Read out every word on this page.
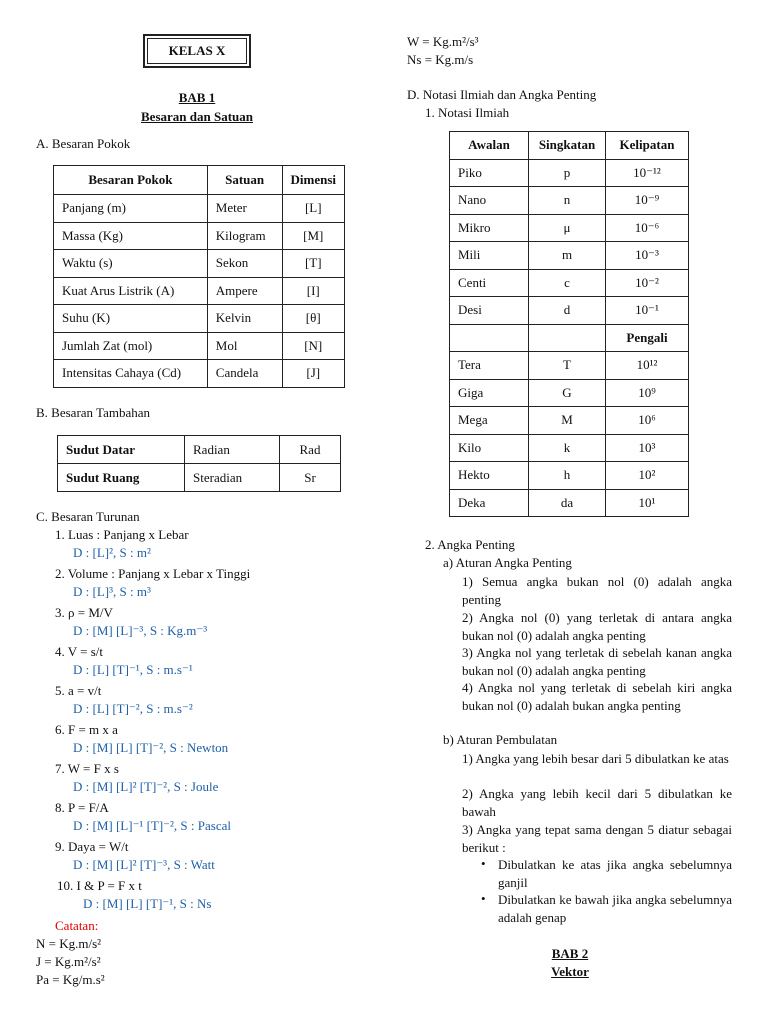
KELAS X
BAB 1
Besaran dan Satuan
A. Besaran Pokok
Besaran Pokok	Satuan	Dimensi
Panjang (m)	Meter	[L]
Massa (Kg)	Kilogram	[M]
Waktu (s)	Sekon	[T]
Kuat Arus Listrik (A)	Ampere	[I]
Suhu (K)	Kelvin	[θ]
Jumlah Zat (mol)	Mol	[N]
Intensitas Cahaya (Cd)	Candela	[J]
B. Besaran Tambahan
Sudut Datar	Radian	Rad
Sudut Ruang	Steradian	Sr
C. Besaran Turunan
1. Luas : Panjang x Lebar
D : [L]², S : m²
2. Volume : Panjang x Lebar x Tinggi
D : [L]³, S : m³
3. ρ = M/V
D : [M] [L]⁻³, S : Kg.m⁻³
4. V = s/t
D : [L] [T]⁻¹, S : m.s⁻¹
5. a = v/t
D : [L] [T]⁻², S : m.s⁻²
6. F = m x a
D : [M] [L] [T]⁻², S : Newton
7. W = F x s
D : [M] [L]² [T]⁻², S : Joule
8. P = F/A
D : [M] [L]⁻¹ [T]⁻², S : Pascal
9. Daya = W/t
D : [M] [L]² [T]⁻³, S : Watt
10. I & P = F x t
D : [M] [L] [T]⁻¹, S : Ns
Catatan:
N = Kg.m/s²
J = Kg.m²/s²
Pa = Kg/m.s²
W = Kg.m²/s³
Ns = Kg.m/s
D. Notasi Ilmiah dan Angka Penting
1. Notasi Ilmiah
Awalan	Singkatan	Kelipatan
Piko	p	10⁻¹²
Nano	n	10⁻⁹
Mikro	μ	10⁻⁶
Mili	m	10⁻³
Centi	c	10⁻²
Desi	d	10⁻¹
		Pengali
Tera	T	10¹²
Giga	G	10⁹
Mega	M	10⁶
Kilo	k	10³
Hekto	h	10²
Deka	da	10¹
2. Angka Penting
a) Aturan Angka Penting
1) Semua angka bukan nol (0) adalah angka penting
2) Angka nol (0) yang terletak di antara angka bukan nol (0) adalah angka penting
3) Angka nol yang terletak di sebelah kanan angka bukan nol (0) adalah angka penting
4) Angka nol yang terletak di sebelah kiri angka bukan nol (0) adalah bukan angka penting
b) Aturan Pembulatan
1) Angka yang lebih besar dari 5 dibulatkan ke atas
2) Angka yang lebih kecil dari 5 dibulatkan ke bawah
3) Angka yang tepat sama dengan 5 diatur sebagai berikut :
• Dibulatkan ke atas jika angka sebelumnya ganjil
• Dibulatkan ke bawah jika angka sebelumnya adalah genap
BAB 2
Vektor
